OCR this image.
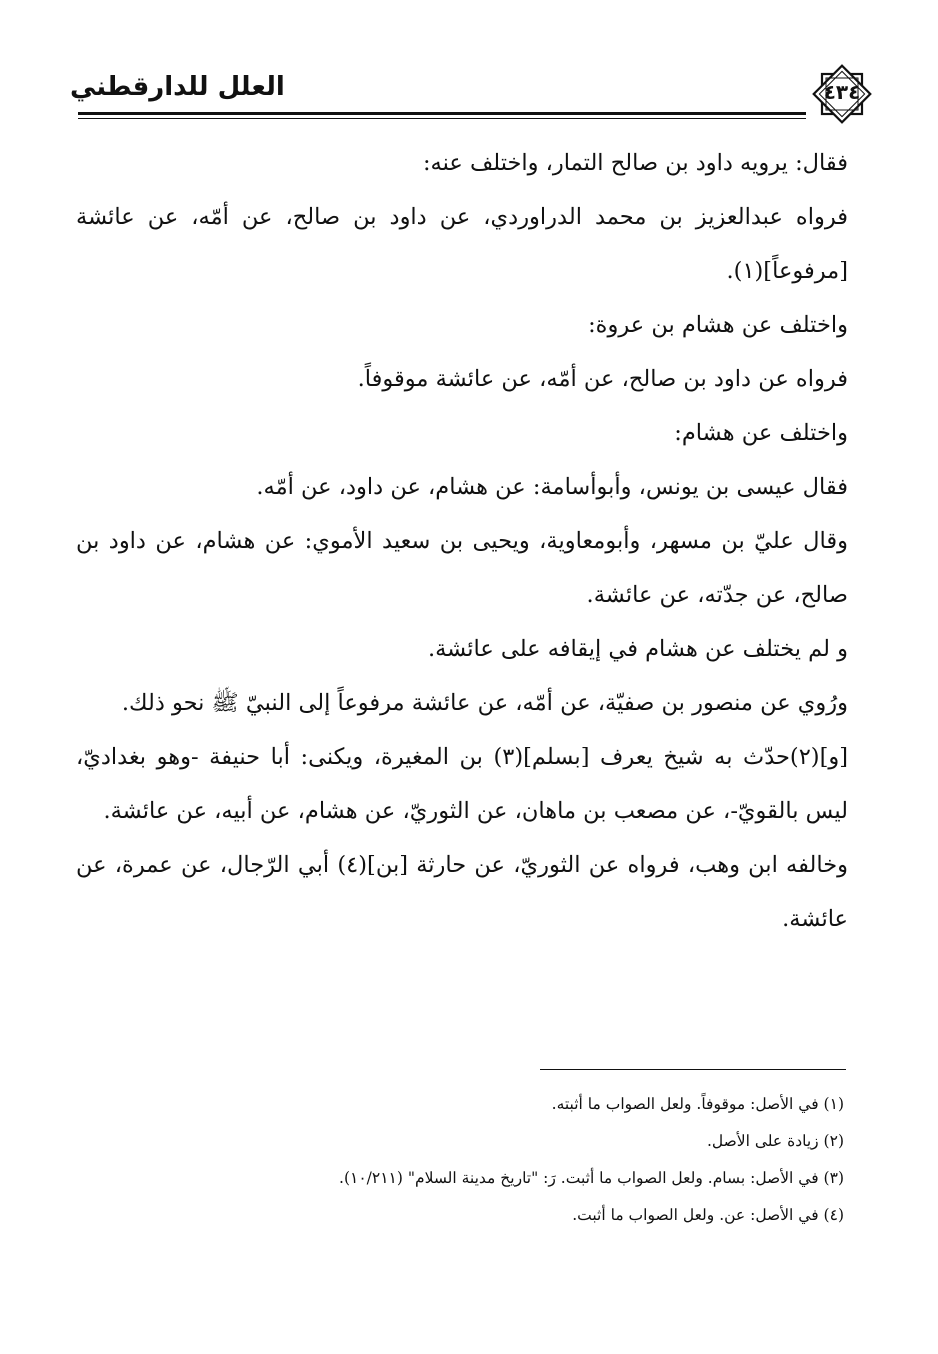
العلل للدارقطني	٤٣٤

فقال: يرويه داود بن صالح التمار، واختلف عنه:

فرواه عبدالعزيز بن محمد الدراوردي، عن داود بن صالح، عن أمّه، عن عائشة [مرفوعاً](١).

واختلف عن هشام بن عروة:

فرواه عن داود بن صالح، عن أمّه، عن عائشة موقوفاً.

واختلف عن هشام:

فقال عيسى بن يونس، وأبوأسامة: عن هشام، عن داود، عن أمّه.

وقال عليّ بن مسهر، وأبومعاوية، ويحيى بن سعيد الأموي: عن هشام، عن داود بن صالح، عن جدّته، عن عائشة.

و لم يختلف عن هشام في إيقافه على عائشة.

ورُوي عن منصور بن صفيّة، عن أمّه، عن عائشة مرفوعاً إلى النبيّ ﷺ نحو ذلك.

[و](٢)حدّث به شيخ يعرف [بسلم](٣) بن المغيرة، ويكنى: أبا حنيفة -وهو بغداديّ، ليس بالقويّ-، عن مصعب بن ماهان، عن الثوريّ، عن هشام، عن أبيه، عن عائشة.

وخالفه ابن وهب، فرواه عن الثوريّ، عن حارثة [بن](٤) أبي الرّجال، عن عمرة، عن عائشة.

(١) في الأصل: موقوفاً. ولعل الصواب ما أثبته.

(٢) زيادة على الأصل.

(٣) في الأصل: بسام. ولعل الصواب ما أثبت. رَ: "تاريخ مدينة السلام" (١٠/٢١١).

(٤) في الأصل: عن. ولعل الصواب ما أثبت.
